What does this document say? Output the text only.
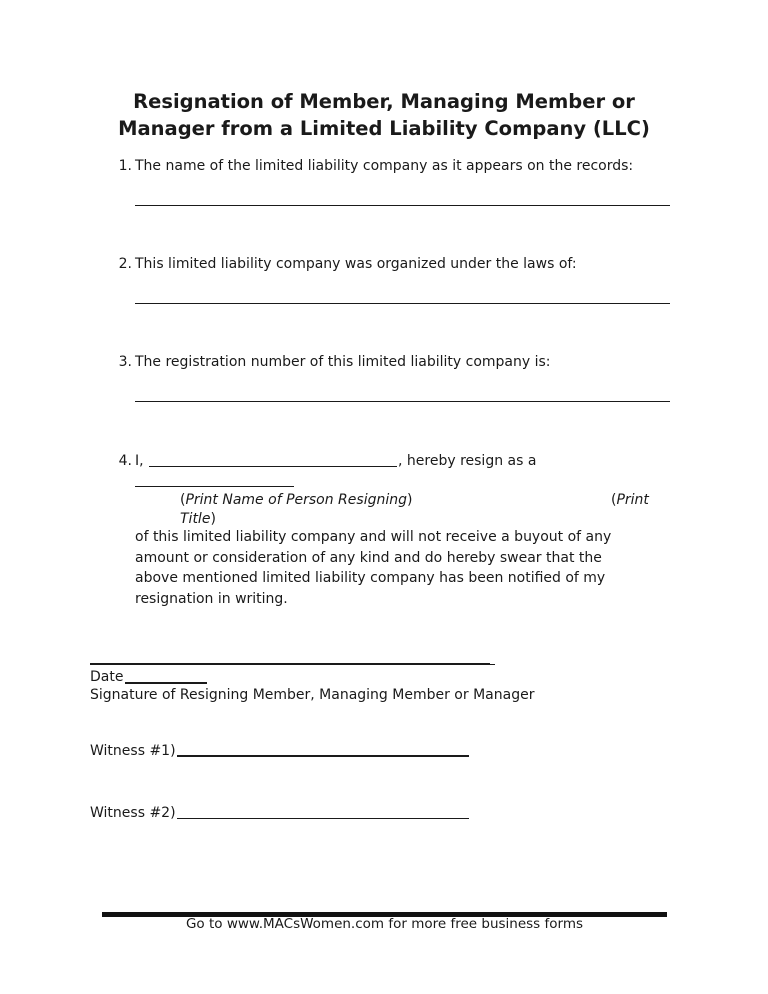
Resignation of Member, Managing Member or
Manager from a Limited Liability Company (LLC)
1. The name of the limited liability company as it appears on the records:
2. This limited liability company was organized under the laws of:
3. The registration number of this limited liability company is:
4. I,	, hereby resign as a
(Print Name of Person Resigning)	(Print
Title)
of this limited liability company and will not receive a buyout of any
amount or consideration of any kind and do hereby swear that the
above mentioned limited liability company has been notified of my
resignation in writing.
Date
Signature of Resigning Member, Managing Member or Manager
Witness #1)
Witness #2)
Go to www.MACsWomen.com for more free business forms
